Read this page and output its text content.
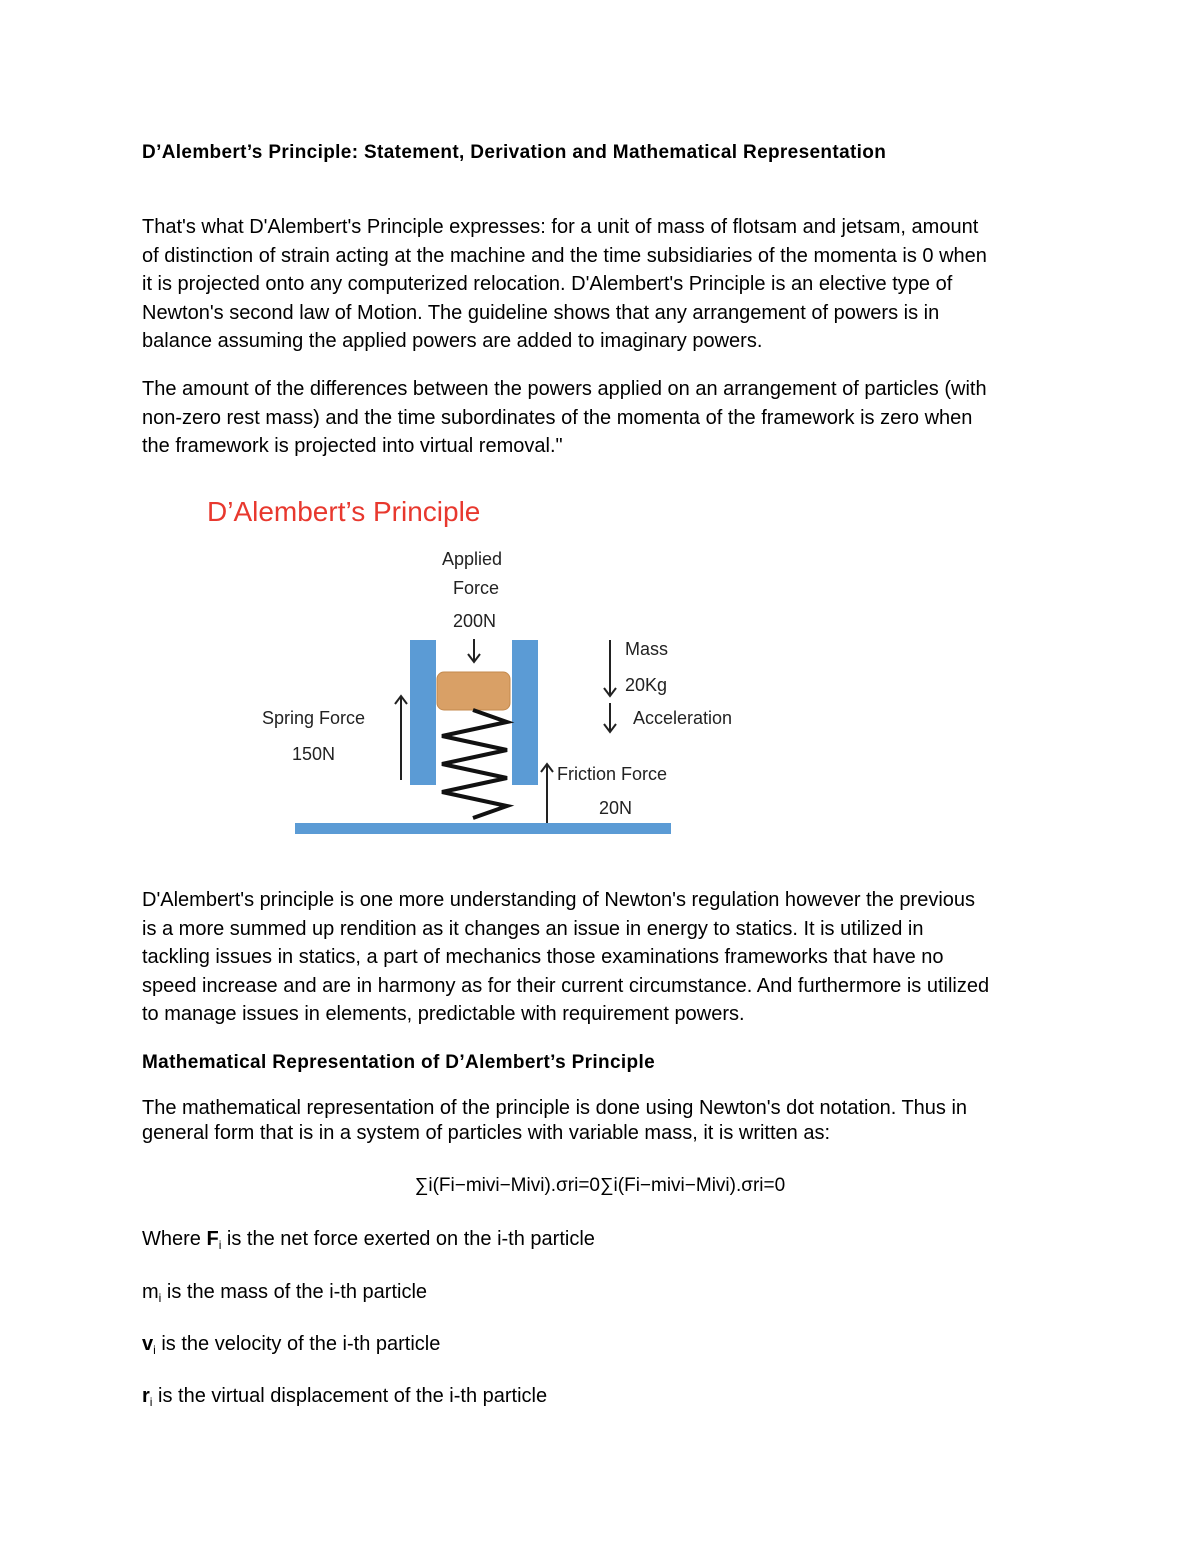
D’Alembert’s Principle: Statement, Derivation and Mathematical Representation

That's what D'Alembert's Principle expresses: for a unit of mass of flotsam and jetsam, amount
of distinction of strain acting at the machine and the time subsidiaries of the momenta is 0 when
it is projected onto any computerized relocation. D'Alembert's Principle is an elective type of
Newton's second law of Motion. The guideline shows that any arrangement of powers is in
balance assuming the applied powers are added to imaginary powers.

The amount of the differences between the powers applied on an arrangement of particles (with
non-zero rest mass) and the time subordinates of the momenta of the framework is zero when
the framework is projected into virtual removal."

D’Alembert’s Principle

Applied

Force

200N

Spring Force

150N

Mass

20Kg

Acceleration

Friction Force

20N

D'Alembert's principle is one more understanding of Newton's regulation however the previous
is a more summed up rendition as it changes an issue in energy to statics. It is utilized in
tackling issues in statics, a part of mechanics those examinations frameworks that have no
speed increase and are in harmony as for their current circumstance. And furthermore is utilized
to manage issues in elements, predictable with requirement powers.

Mathematical Representation of D’Alembert’s Principle

The mathematical representation of the principle is done using Newton's dot notation. Thus in
general form that is in a system of particles with variable mass, it is written as:

∑i(Fi−mivi−Mivi).σri=0∑i(Fi−mivi−Mivi).σri=0

Where $F_i$ is the net force exerted on the i-th particle

$m_i$ is the mass of the i-th particle

$v_i$ is the velocity of the i-th particle

$r_i$ is the virtual displacement of the i-th particle
